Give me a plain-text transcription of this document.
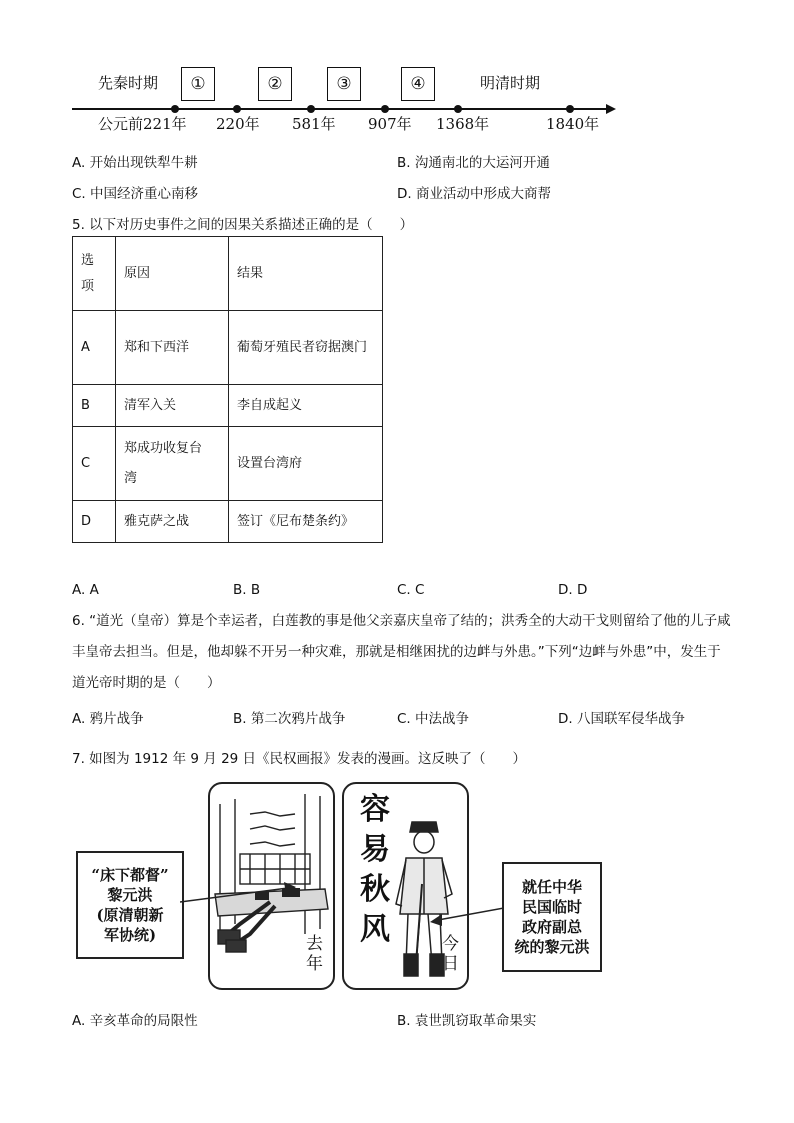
先秦时期	①	②	③	④	明清时期
公元前221年 220年 581年 907年 1368年	1840年
A. 开始出现铁犁牛耕	B. 沟通南北的大运河开通
C. 中国经济重心南移	D. 商业活动中形成大商帮
5. 以下对历史事件之间的因果关系描述正确的是（　　）
选项	原因	结果
A	郑和下西洋	葡萄牙殖民者窃据澳门
B	清军入关	李自成起义
C	郑成功收复台湾	设置台湾府
D	雅克萨之战	签订《尼布楚条约》
A. A	B. B	C. C	D. D
6. “道光（皇帝）算是个幸运者，白莲教的事是他父亲嘉庆皇帝了结的；洪秀全的大动干戈则留给了他的儿子咸丰皇帝去担当。但是，他却躲不开另一种灾难，那就是相继困扰的边衅与外患。”下列“边衅与外患”中，发生于道光帝时期的是（　　）
A. 鸦片战争	B. 第二次鸦片战争	C. 中法战争	D. 八国联军侵华战争
7. 如图为 1912 年 9 月 29 日《民权画报》发表的漫画。这反映了（　　）
去
年
容
易
秋
风	今
日
“床下都督”
黎元洪
(原清朝新
军协统)
就任中华
民国临时
政府副总
统的黎元洪
A. 辛亥革命的局限性	B. 袁世凯窃取革命果实
